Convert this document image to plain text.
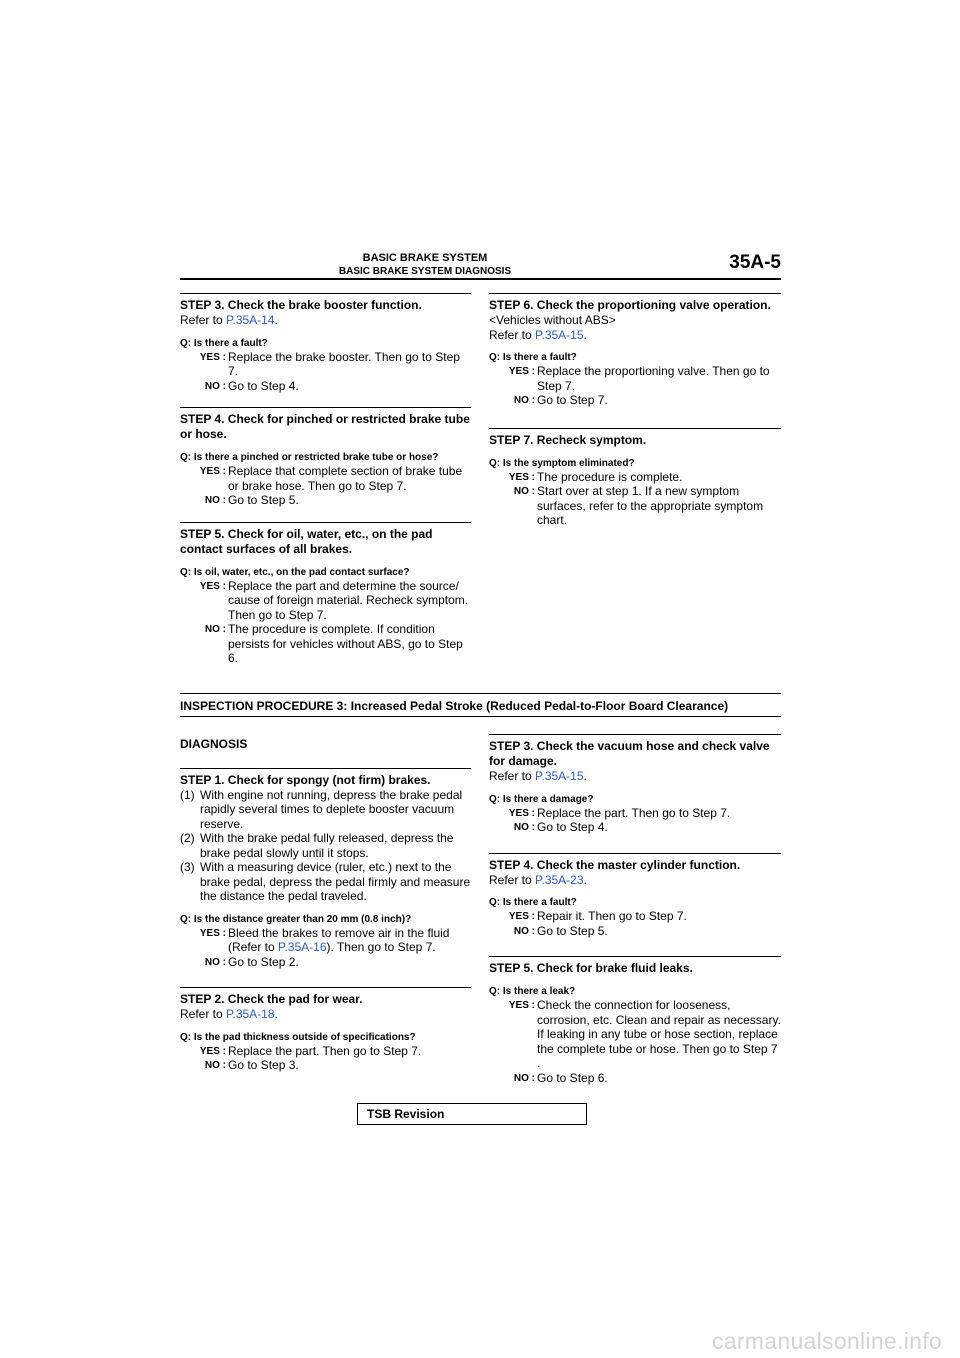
BASIC BRAKE SYSTEM
BASIC BRAKE SYSTEM DIAGNOSIS	35A-5
STEP 3. Check the brake booster function.
Refer to P.35A-14.
Q: Is there a fault?
YES : Replace the brake booster. Then go to Step 7.
NO : Go to Step 4.
STEP 4. Check for pinched or restricted brake tube or hose.
Q: Is there a pinched or restricted brake tube or hose?
YES : Replace that complete section of brake tube or brake hose. Then go to Step 7.
NO : Go to Step 5.
STEP 5. Check for oil, water, etc., on the pad contact surfaces of all brakes.
Q: Is oil, water, etc., on the pad contact surface?
YES : Replace the part and determine the source/ cause of foreign material. Recheck symptom. Then go to Step 7.
NO : The procedure is complete. If condition persists for vehicles without ABS, go to Step 6.
STEP 6. Check the proportioning valve operation.
<Vehicles without ABS>
Refer to P.35A-15.
Q: Is there a fault?
YES : Replace the proportioning valve. Then go to Step 7.
NO : Go to Step 7.
STEP 7. Recheck symptom.
Q: Is the symptom eliminated?
YES : The procedure is complete.
NO : Start over at step 1. If a new symptom surfaces, refer to the appropriate symptom chart.
INSPECTION PROCEDURE 3: Increased Pedal Stroke (Reduced Pedal-to-Floor Board Clearance)
DIAGNOSIS
STEP 1. Check for spongy (not firm) brakes.
(1) With engine not running, depress the brake pedal rapidly several times to deplete booster vacuum reserve.
(2) With the brake pedal fully released, depress the brake pedal slowly until it stops.
(3) With a measuring device (ruler, etc.) next to the brake pedal, depress the pedal firmly and measure the distance the pedal traveled.
Q: Is the distance greater than 20 mm (0.8 inch)?
YES : Bleed the brakes to remove air in the fluid (Refer to P.35A-16). Then go to Step 7.
NO : Go to Step 2.
STEP 2. Check the pad for wear.
Refer to P.35A-18.
Q: Is the pad thickness outside of specifications?
YES : Replace the part. Then go to Step 7.
NO : Go to Step 3.
STEP 3. Check the vacuum hose and check valve for damage.
Refer to P.35A-15.
Q: Is there a damage?
YES : Replace the part. Then go to Step 7.
NO : Go to Step 4.
STEP 4. Check the master cylinder function.
Refer to P.35A-23.
Q: Is there a fault?
YES : Repair it. Then go to Step 7.
NO : Go to Step 5.
STEP 5. Check for brake fluid leaks.
Q: Is there a leak?
YES : Check the connection for looseness, corrosion, etc. Clean and repair as necessary. If leaking in any tube or hose section, replace the complete tube or hose. Then go to Step 7 .
NO : Go to Step 6.
TSB Revision
carmanualsonline.info
